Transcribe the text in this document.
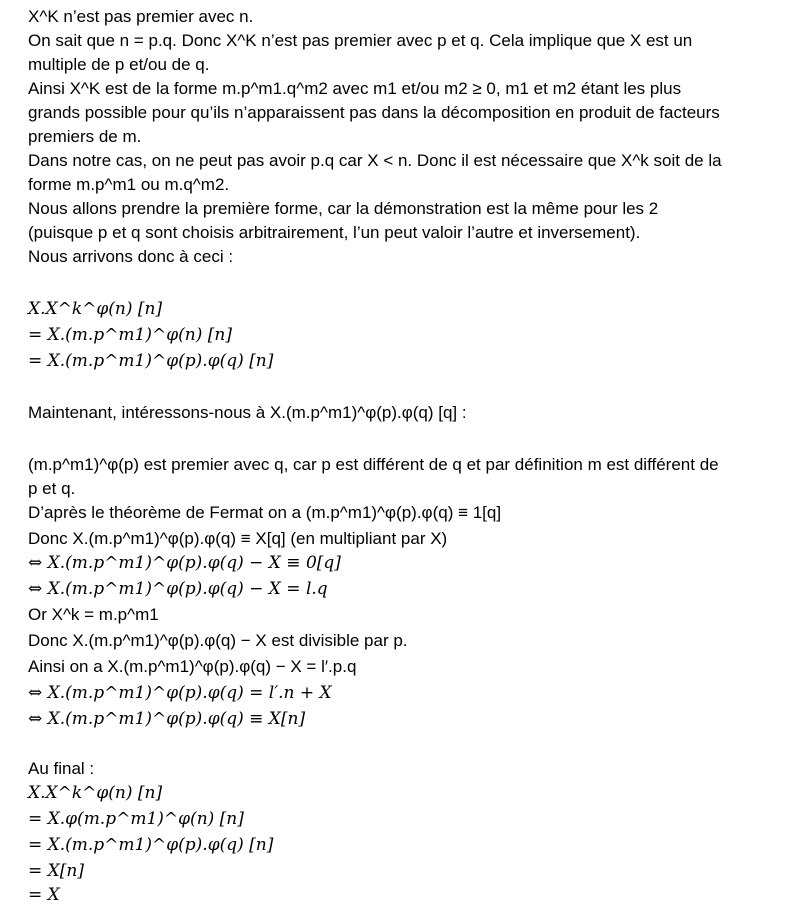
X^K n’est pas premier avec n.
On sait que n = p.q. Donc X^K n’est pas premier avec p et q. Cela implique que X est un
multiple de p et/ou de q.
Ainsi X^K est de la forme m.p^m1.q^m2 avec m1 et/ou m2 ≥ 0, m1 et m2 étant les plus
grands possible pour qu’ils n’apparaissent pas dans la décomposition en produit de facteurs
premiers de m.
Dans notre cas, on ne peut pas avoir p.q car X < n. Donc il est nécessaire que X^k soit de la
forme m.p^m1 ou m.q^m2.
Nous allons prendre la première forme, car la démonstration est la même pour les 2
(puisque p et q sont choisis arbitrairement, l’un peut valoir l’autre et inversement).
Nous arrivons donc à ceci :
X.X^k^φ(n) [n]
= X.(m.p^m1)^φ(n) [n]
= X.(m.p^m1)^φ(p).φ(q) [n]
Maintenant, intéressons-nous à X.(m.p^m1)^φ(p).φ(q) [q] :
(m.p^m1)^φ(p) est premier avec q, car p est différent de q et par définition m est différent de
p et q.
D’après le théorème de Fermat on a (m.p^m1)^φ(p).φ(q) ≡ 1[q]
Donc X.(m.p^m1)^φ(p).φ(q) ≡ X[q] (en multipliant par X)
⇔ X.(m.p^m1)^φ(p).φ(q) − X ≡ 0[q]
⇔ X.(m.p^m1)^φ(p).φ(q) − X = l.q
Or X^k = m.p^m1
Donc X.(m.p^m1)^φ(p).φ(q) − X est divisible par p.
Ainsi on a X.(m.p^m1)^φ(p).φ(q) − X = l′.p.q
⇔ X.(m.p^m1)^φ(p).φ(q) = l′.n + X
⇔ X.(m.p^m1)^φ(p).φ(q) ≡ X[n]
Au final :
X.X^k^φ(n) [n]
= X.φ(m.p^m1)^φ(n) [n]
= X.(m.p^m1)^φ(p).φ(q) [n]
= X[n]
= X
